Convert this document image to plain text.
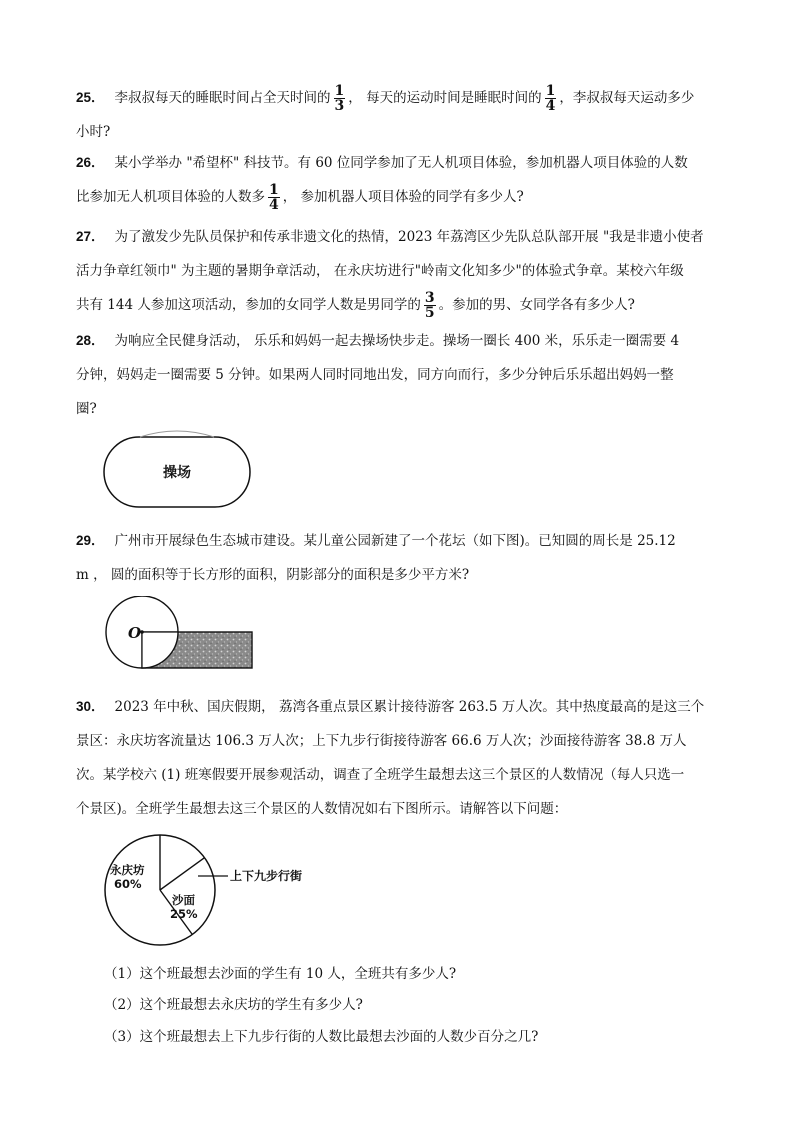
25． 李叔叔每天的睡眠时间占全天时间的 $\frac{1}{3}$ ， 每天的运动时间是睡眠时间的 $\frac{1}{4}$ ，李叔叔每天运动多少
小时?
26． 某小学举办 "希望杯" 科技节。有 60 位同学参加了无人机项目体验，参加机器人项目体验的人数
比参加无人机项目体验的人数多 $\frac{1}{4}$ ， 参加机器人项目体验的同学有多少人?
27． 为了激发少先队员保护和传承非遗文化的热情，2023 年荔湾区少先队总队部开展 "我是非遗小使者
活力争章红领巾" 为主题的暑期争章活动， 在永庆坊进行"岭南文化知多少"的体验式争章。某校六年级
共有 144 人参加这项活动，参加的女同学人数是男同学的 $\frac{3}{5}$ 。参加的男、女同学各有多少人?
28． 为响应全民健身活动， 乐乐和妈妈一起去操场快步走。操场一圈长 400 米，乐乐走一圈需要 4
分钟，妈妈走一圈需要 5 分钟。如果两人同时同地出发，同方向而行，多少分钟后乐乐超出妈妈一整
圈?
操场
29． 广州市开展绿色生态城市建设。某儿童公园新建了一个花坛（如下图)。已知圆的周长是 25.12
m ， 圆的面积等于长方形的面积，阴影部分的面积是多少平方米?
O
30． 2023 年中秋、国庆假期， 荔湾各重点景区累计接待游客 263.5 万人次。其中热度最高的是这三个
景区：永庆坊客流量达 106.3 万人次；上下九步行街接待游客 66.6 万人次；沙面接待游客 38.8 万人
次。某学校六 (1) 班寒假要开展参观活动，调查了全班学生最想去这三个景区的人数情况（每人只选一
个景区)。全班学生最想去这三个景区的人数情况如右下图所示。请解答以下问题：
永庆坊
60%
沙面
25%
上下九步行街
（1）这个班最想去沙面的学生有 10 人，全班共有多少人?
（2）这个班最想去永庆坊的学生有多少人?
（3）这个班最想去上下九步行街的人数比最想去沙面的人数少百分之几?
